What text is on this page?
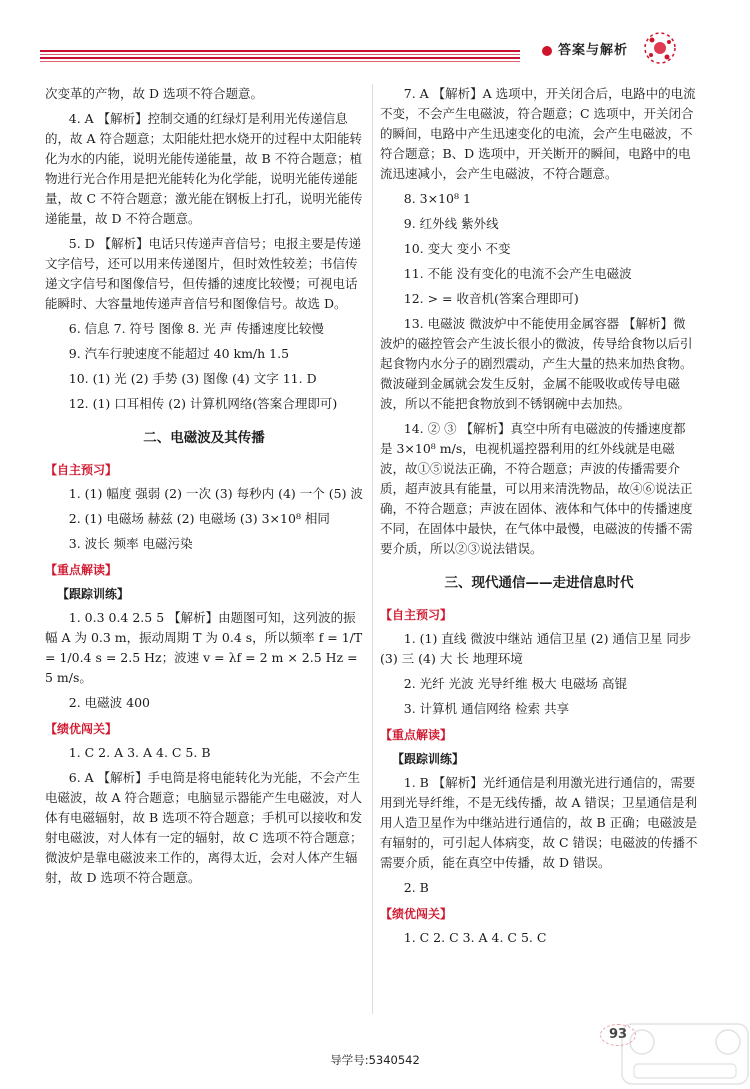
答案与解析

次变革的产物，故 D 选项不符合题意。

4. A 【解析】控制交通的红绿灯是利用光传递信息的，故 A 符合题意；太阳能灶把水烧开的过程中太阳能转化为水的内能，说明光能传递能量，故 B 不符合题意；植物进行光合作用是把光能转化为化学能，说明光能传递能量，故 C 不符合题意；激光能在钢板上打孔，说明光能传递能量，故 D 不符合题意。

5. D 【解析】电话只传递声音信号；电报主要是传递文字信号，还可以用来传递图片，但时效性较差；书信传递文字信号和图像信号，但传播的速度比较慢；可视电话能瞬时、大容量地传递声音信号和图像信号。故选 D。

6. 信息 7. 符号 图像 8. 光 声 传播速度比较慢

9. 汽车行驶速度不能超过 40 km/h 1.5

10. (1) 光 (2) 手势 (3) 图像 (4) 文字 11. D

12. (1) 口耳相传 (2) 计算机网络(答案合理即可)

二、电磁波及其传播
【自主预习】

1. (1) 幅度 强弱 (2) 一次 (3) 每秒内 (4) 一个 (5) 波

2. (1) 电磁场 赫兹 (2) 电磁场 (3) 3×10⁸ 相同

3. 波长 频率 电磁污染

【重点解读】
【跟踪训练】

1. 0.3 0.4 2.5 5 【解析】由题图可知，这列波的振幅 A 为 0.3 m，振动周期 T 为 0.4 s，所以频率 f = 1/T = 1/0.4 s = 2.5 Hz；波速 v = λf = 2 m × 2.5 Hz = 5 m/s。

2. 电磁波 400

【绩优闯关】

1. C 2. A 3. A 4. C 5. B

6. A 【解析】手电筒是将电能转化为光能，不会产生电磁波，故 A 符合题意；电脑显示器能产生电磁波，对人体有电磁辐射，故 B 选项不符合题意；手机可以接收和发射电磁波，对人体有一定的辐射，故 C 选项不符合题意；微波炉是靠电磁波来工作的，离得太近，会对人体产生辐射，故 D 选项不符合题意。

7. A 【解析】A 选项中，开关闭合后，电路中的电流不变，不会产生电磁波，符合题意；C 选项中，开关闭合的瞬间，电路中产生迅速变化的电流，会产生电磁波，不符合题意；B、D 选项中，开关断开的瞬间，电路中的电流迅速减小，会产生电磁波，不符合题意。

8. 3×10⁸ 1

9. 红外线 紫外线

10. 变大 变小 不变

11. 不能 没有变化的电流不会产生电磁波

12. > = 收音机(答案合理即可)

13. 电磁波 微波炉中不能使用金属容器 【解析】微波炉的磁控管会产生波长很小的微波，传导给食物以后引起食物内水分子的剧烈震动，产生大量的热来加热食物。微波碰到金属就会发生反射，金属不能吸收或传导电磁波，所以不能把食物放到不锈钢碗中去加热。

14. ② ③ 【解析】真空中所有电磁波的传播速度都是 3×10⁸ m/s，电视机遥控器利用的红外线就是电磁波，故①⑤说法正确，不符合题意；声波的传播需要介质，超声波具有能量，可以用来清洗物品，故④⑥说法正确，不符合题意；声波在固体、液体和气体中的传播速度不同，在固体中最快，在气体中最慢，电磁波的传播不需要介质，所以②③说法错误。

三、现代通信——走进信息时代
【自主预习】

1. (1) 直线 微波中继站 通信卫星 (2) 通信卫星 同步 (3) 三 (4) 大 长 地理环境

2. 光纤 光波 光导纤维 极大 电磁场 高锟

3. 计算机 通信网络 检索 共享

【重点解读】
【跟踪训练】

1. B 【解析】光纤通信是利用激光进行通信的，需要用到光导纤维，不是无线传播，故 A 错误；卫星通信是利用人造卫星作为中继站进行通信的，故 B 正确；电磁波是有辐射的，可引起人体病变，故 C 错误；电磁波的传播不需要介质，能在真空中传播，故 D 错误。

2. B

【绩优闯关】

1. C 2. C 3. A 4. C 5. C

93
导学号:5340542
